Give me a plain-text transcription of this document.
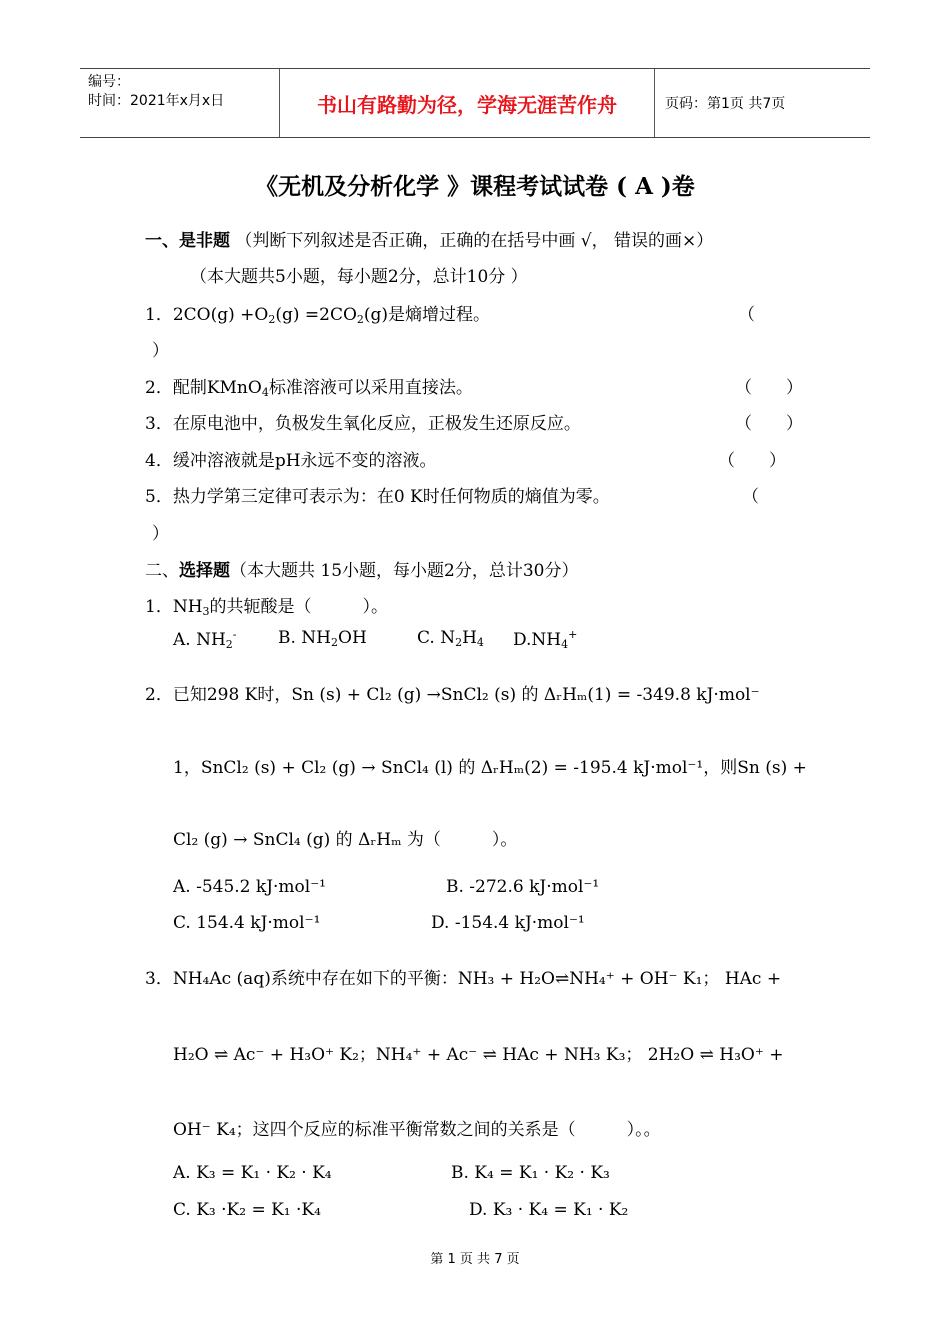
编号：
时间：2021年x月x日	书山有路勤为径，学海无涯苦作舟	页码：第1页 共7页
《无机及分析化学 》课程考试试卷 ( A )卷
一、是非题 （判断下列叙述是否正确，正确的在括号中画 √， 错误的画×）
（本大题共5小题，每小题2分，总计10分 ）
1．$2CO(g) +O_2(g) =2CO_2(g)$是熵增过程。	（
）
2．配制KMnO$_4$标准溶液可以采用直接法。	（　　）
3．在原电池中，负极发生氧化反应，正极发生还原反应。	（　　）
4．缓冲溶液就是pH永远不变的溶液。	（　　）
5．热力学第三定律可表示为：在0 K时任何物质的熵值为零。	（
）
二、选择题（本大题共 15小题，每小题2分，总计30分）
1．$NH_3$的共轭酸是（　　　）。
A. $NH_2^-$ B. $NH_2OH$	C. $N_2H_4$ $D.NH_4^+$
2．已知298 K时，Sn (s) + Cl₂ (g) →SnCl₂ (s) 的 ΔᵣHₘ(1) = -349.8 kJ·mol⁻
1，SnCl₂ (s) + Cl₂ (g) → SnCl₄ (l) 的 ΔᵣHₘ(2) = -195.4 kJ·mol⁻¹，则Sn (s) +
Cl₂ (g) → SnCl₄ (g) 的 ΔᵣHₘ 为（　　　）。
A. -545.2 kJ·mol⁻¹	B. -272.6 kJ·mol⁻¹
C. 154.4 kJ·mol⁻¹	D. -154.4 kJ·mol⁻¹
3．NH₄Ac (aq)系统中存在如下的平衡：NH₃ + H₂O⇌NH₄⁺ + OH⁻ K₁； HAc +
H₂O ⇌ Ac⁻ + H₃O⁺ K₂；NH₄⁺ + Ac⁻ ⇌ HAc + NH₃ K₃； 2H₂O ⇌ H₃O⁺ +
OH⁻ K₄；这四个反应的标准平衡常数之间的关系是（　　　）。。
A. K₃ = K₁ · K₂ · K₄	B. K₄ = K₁ · K₂ · K₃
C. K₃ ·K₂ = K₁ ·K₄	D. K₃ · K₄ = K₁ · K₂
第 1 页 共 7 页
